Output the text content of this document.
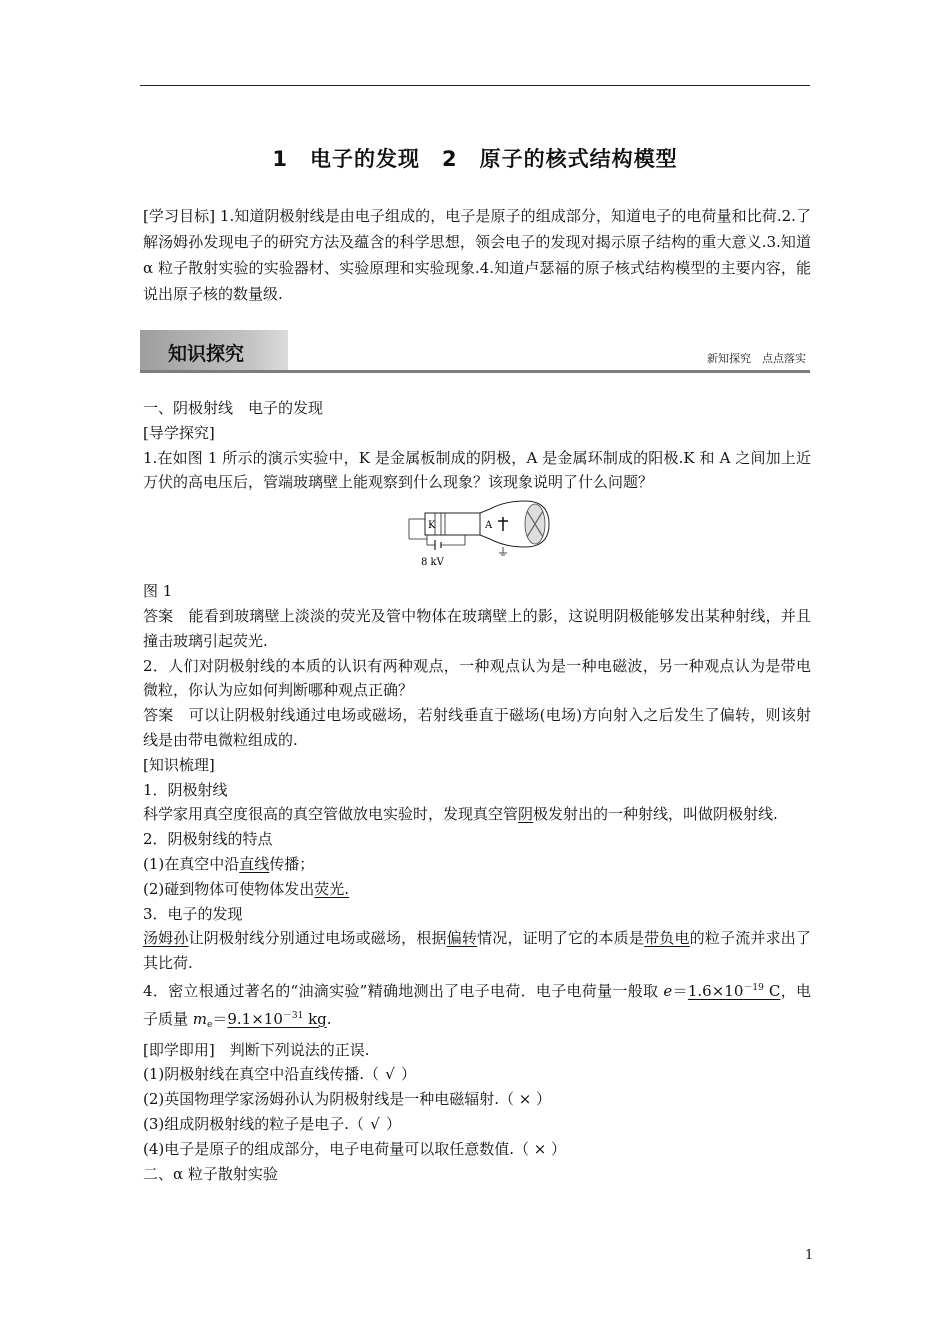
1　电子的发现　2　原子的核式结构模型
[学习目标] 1.知道阴极射线是由电子组成的，电子是原子的组成部分，知道电子的电荷量和比荷.2.了解汤姆孙发现电子的研究方法及蕴含的科学思想，领会电子的发现对揭示原子结构的重大意义.3.知道 α 粒子散射实验的实验器材、实验原理和实验现象.4.知道卢瑟福的原子核式结构模型的主要内容，能说出原子核的数量级.
知识探究	新知探究　点点落实

一、阴极射线　电子的发现

[导学探究]

1.在如图 1 所示的演示实验中，K 是金属板制成的阴极，A 是金属环制成的阳极.K 和 A 之间加上近万伏的高电压后，管端玻璃壁上能观察到什么现象？该现象说明了什么问题？

K	A
8 kV

图 1

答案　能看到玻璃壁上淡淡的荧光及管中物体在玻璃壁上的影，这说明阴极能够发出某种射线，并且撞击玻璃引起荧光.

2．人们对阴极射线的本质的认识有两种观点，一种观点认为是一种电磁波，另一种观点认为是带电微粒，你认为应如何判断哪种观点正确？

答案　可以让阴极射线通过电场或磁场，若射线垂直于磁场(电场)方向射入之后发生了偏转，则该射线是由带电微粒组成的.

[知识梳理]

1．阴极射线

科学家用真空度很高的真空管做放电实验时，发现真空管阴极发射出的一种射线，叫做阴极射线.

2．阴极射线的特点

(1)在真空中沿直线传播；

(2)碰到物体可使物体发出荧光.

3．电子的发现

汤姆孙让阴极射线分别通过电场或磁场，根据偏转情况，证明了它的本质是带负电的粒子流并求出了其比荷.

4．密立根通过著名的“油滴实验”精确地测出了电子电荷．电子电荷量一般取 $e=1.6\times 10^{-19}$ C，电子质量 $m_e=9.1\times 10^{-31}$ kg.

[即学即用]　判断下列说法的正误.

(1)阴极射线在真空中沿直线传播.（ √ ）

(2)英国物理学家汤姆孙认为阴极射线是一种电磁辐射.（ × ）

(3)组成阴极射线的粒子是电子.（ √ ）

(4)电子是原子的组成部分，电子电荷量可以取任意数值.（ × ）

二、α 粒子散射实验

1
